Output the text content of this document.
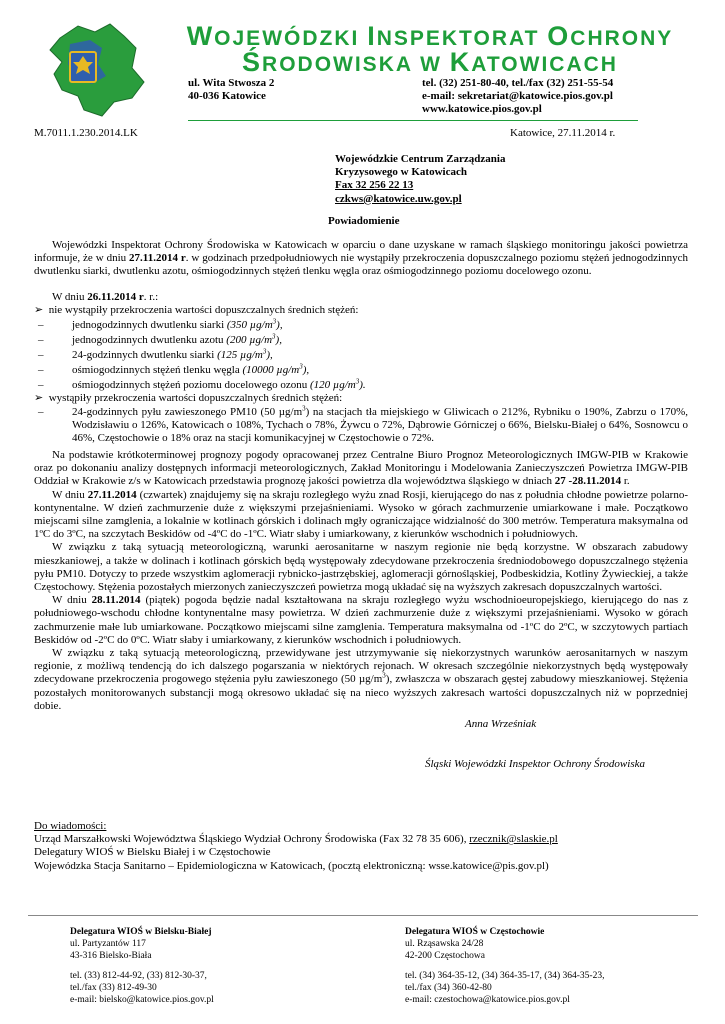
WOJEWÓDZKI INSPEKTORAT OCHRONY
ŚRODOWISKA W KATOWICACH
ul. Wita Stwosza 2
40-036 Katowice
tel. (32) 251-80-40, tel./fax (32) 251-55-54
e-mail: sekretariat@katowice.pios.gov.pl
www.katowice.pios.gov.pl
M.7011.1.230.2014.LK	Katowice, 27.11.2014 r.
Wojewódzkie Centrum Zarządzania
Kryzysowego w Katowicach
Fax 32 256 22 13
czkws@katowice.uw.gov.pl
Powiadomienie
Wojewódzki Inspektorat Ochrony Środowiska w Katowicach w oparciu o dane uzyskane w ramach śląskiego monitoringu jakości powietrza informuje, że w dniu 27.11.2014 r. w godzinach przedpołudniowych nie wystąpiły przekroczenia dopuszczalnego poziomu stężeń jednogodzinnych dwutlenku siarki, dwutlenku azotu, ośmiogodzinnych stężeń tlenku węgla oraz ośmiogodzinnego poziomu docelowego ozonu.
W dniu 26.11.2014 r. r.:
➢ nie wystąpiły przekroczenia wartości dopuszczalnych średnich stężeń:
–	jednogodzinnych dwutlenku siarki (350 $\mu g/m^3$),
–	jednogodzinnych dwutlenku azotu (200 $\mu g/m^3$),
–	24-godzinnych dwutlenku siarki (125 $\mu g/m^3$),
–	ośmiogodzinnych stężeń tlenku węgla (10000 $\mu g/m^3$),
–	ośmiogodzinnych stężeń poziomu docelowego ozonu (120 $\mu g/m^3$).
➢ wystąpiły przekroczenia wartości dopuszczalnych średnich stężeń:
–	24-godzinnych pyłu zawieszonego PM10 (50 $\mu g/m^3$) na stacjach tła miejskiego w Gliwicach o 212%, Rybniku o 190%, Zabrzu o 170%, Wodzisławiu o 126%, Katowicach o 108%, Tychach o 78%, Żywcu o 72%, Dąbrowie Górniczej o 66%, Bielsku-Białej o 64%, Sosnowcu o 46%, Częstochowie o 18% oraz na stacji komunikacyjnej w Częstochowie o 72%.
Na podstawie krótkoterminowej prognozy pogody opracowanej przez Centralne Biuro Prognoz Meteorologicznych IMGW-PIB w Krakowie oraz po dokonaniu analizy dostępnych informacji meteorologicznych, Zakład Monitoringu i Modelowania Zanieczyszczeń Powietrza IMGW-PIB Oddział w Krakowie z/s w Katowicach przedstawia prognozę jakości powietrza dla województwa śląskiego w dniach 27 -28.11.2014 r.
W dniu 27.11.2014 (czwartek) znajdujemy się na skraju rozległego wyżu znad Rosji, kierującego do nas z południa chłodne powietrze polarno-kontynentalne. W dzień zachmurzenie duże z większymi przejaśnieniami. Wysoko w górach zachmurzenie umiarkowane i małe. Początkowo miejscami silne zamglenia, a lokalnie w kotlinach górskich i dolinach mgły ograniczające widzialność do 300 metrów. Temperatura maksymalna od 1ºC do 3ºC, na szczytach Beskidów od -4ºC do -1ºC. Wiatr słaby i umiarkowany, z kierunków wschodnich i południowych.
W związku z taką sytuacją meteorologiczną, warunki aerosanitarne w naszym regionie nie będą korzystne. W obszarach zabudowy mieszkaniowej, a także w dolinach i kotlinach górskich będą występowały zdecydowane przekroczenia średniodobowego dopuszczalnego stężenia pyłu PM10. Dotyczy to przede wszystkim aglomeracji rybnicko-jastrzębskiej, aglomeracji górnośląskiej, Podbeskidzia, Kotliny Żywieckiej, a także Częstochowy. Stężenia pozostałych mierzonych zanieczyszczeń powietrza mogą układać się na wyższych zakresach dopuszczalnych wartości.
W dniu 28.11.2014 (piątek) pogoda będzie nadal kształtowana na skraju rozległego wyżu wschodnioeuropejskiego, kierującego do nas z południowego-wschodu chłodne kontynentalne masy powietrza. W dzień zachmurzenie duże z większymi przejaśnieniami. Wysoko w górach zachmurzenie małe lub umiarkowane. Początkowo miejscami silne zamglenia. Temperatura maksymalna od -1ºC do 2ºC, w szczytowych partiach Beskidów od -2ºC do 0ºC. Wiatr słaby i umiarkowany, z kierunków wschodnich i południowych.
W związku z taką sytuacją meteorologiczną, przewidywane jest utrzymywanie się niekorzystnych warunków aerosanitarnych w naszym regionie, z możliwą tendencją do ich dalszego pogarszania w niektórych rejonach. W okresach szczególnie niekorzystnych będą występowały zdecydowane przekroczenia progowego stężenia pyłu zawieszonego (50 $\mu g/m^3$), zwłaszcza w obszarach gęstej zabudowy mieszkaniowej. Stężenia pozostałych monitorowanych substancji mogą okresowo układać się na nieco wyższych zakresach wartości dopuszczalnych niż w poprzedniej dobie.
Anna Wrześniak
Śląski Wojewódzki Inspektor Ochrony Środowiska
Do wiadomości:
Urząd Marszałkowski Województwa Śląskiego Wydział Ochrony Środowiska (Fax 32 78 35 606), rzecznik@slaskie.pl
Delegatury WIOŚ w Bielsku Białej i w Częstochowie
Wojewódzka Stacja Sanitarno – Epidemiologiczna w Katowicach, (pocztą elektroniczną: wsse.katowice@pis.gov.pl)
Delegatura WIOŚ w Bielsku-Białej
ul. Partyzantów 117
43-316 Bielsko-Biała
tel. (33) 812-44-92, (33) 812-30-37,
tel./fax (33) 812-49-30
e-mail: bielsko@katowice.pios.gov.pl
Delegatura WIOŚ w Częstochowie
ul. Rząsawska 24/28
42-200 Częstochowa
tel. (34) 364-35-12, (34) 364-35-17, (34) 364-35-23,
tel./fax (34) 360-42-80
e-mail: czestochowa@katowice.pios.gov.pl
